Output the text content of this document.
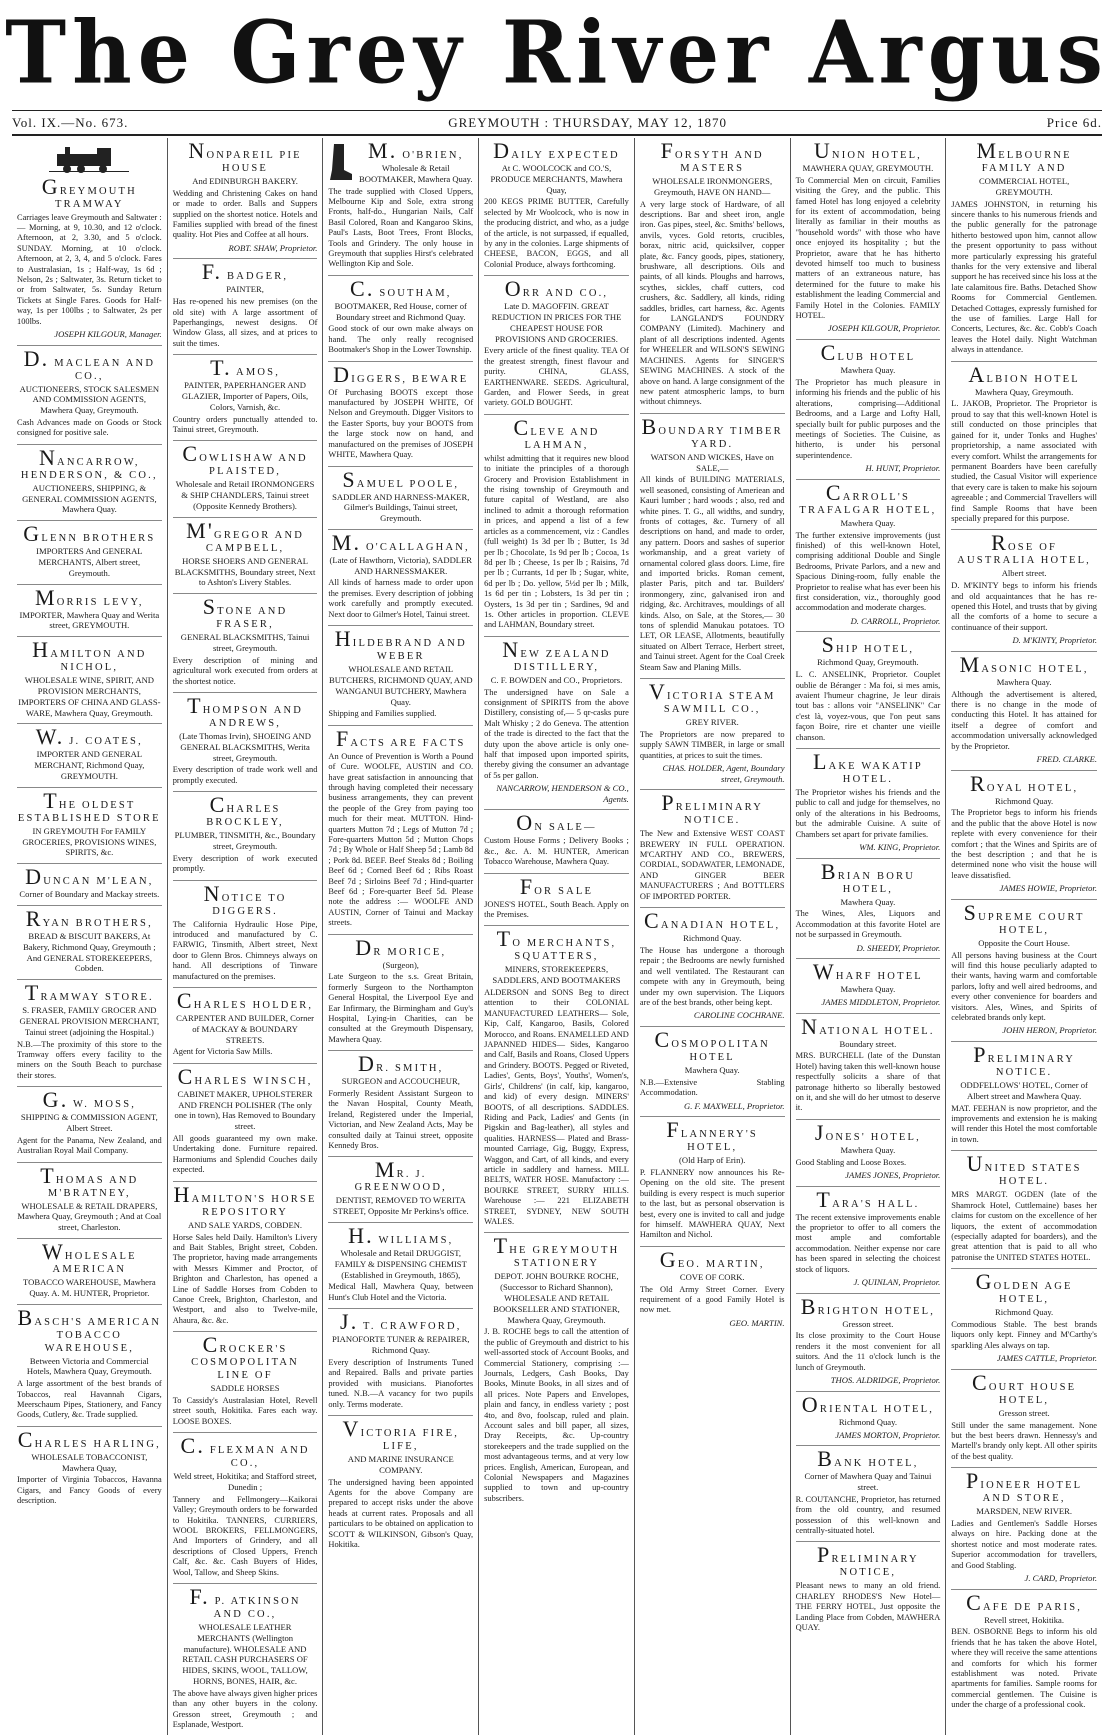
The Grey River Argus
Vol. IX.—No. 673.	GREYMOUTH : THURSDAY, MAY 12, 1870	Price 6d.
GREYMOUTH TRAMWAY
Carriages leave Greymouth and Saltwater :— Morning, at 9, 10.30, and 12 o'clock. Afternoon, at 2, 3.30, and 5 o'clock. SUNDAY. Morning, at 10 o'clock. Afternoon, at 2, 3, 4, and 5 o'clock. Fares to Australasian, 1s ; Half-way, 1s 6d ; Nelson, 2s ; Saltwater, 3s. Return ticket to or from Saltwater, 5s. Sunday Return Tickets at Single Fares. Goods for Half-way, 1s per 100lbs ; to Saltwater, 2s per 100lbs.
JOSEPH KILGOUR, Manager.
D. MACLEAN AND CO.,
AUCTIONEERS, STOCK SALESMEN AND COMMISSION AGENTS, Mawhera Quay, Greymouth.
Cash Advances made on Goods or Stock consigned for positive sale.
NANCARROW, HENDERSON, & CO.,
AUCTIONEERS, SHIPPING, & GENERAL COMMISSION AGENTS, Mawhera Quay.
GLENN BROTHERS
IMPORTERS And GENERAL MERCHANTS, Albert street, Greymouth.
MORRIS LEVY,
IMPORTER, Mawhera Quay and Werita street, GREYMOUTH.
HAMILTON AND NICHOL,
WHOLESALE WINE, SPIRIT, AND PROVISION MERCHANTS, IMPORTERS OF CHINA AND GLASS-WARE, Mawhera Quay, Greymouth.
W. J. COATES,
IMPORTER AND GENERAL MERCHANT, Richmond Quay, GREYMOUTH.
THE OLDEST ESTABLISHED STORE
IN GREYMOUTH For FAMILY GROCERIES, PROVISIONS WINES, SPIRITS, &c.
DUNCAN M'LEAN,
Corner of Boundary and Mackay streets.
RYAN BROTHERS,
BREAD & BISCUIT BAKERS, At Bakery, Richmond Quay, Greymouth ; And GENERAL STOREKEEPERS, Cobden.
TRAMWAY STORE.
S. FRASER, FAMILY GROCER AND GENERAL PROVISION MERCHANT, Tainui street (adjoining the Hospital.)
N.B.—The proximity of this store to the Tramway offers every facility to the miners on the South Beach to purchase their stores.
G. W. MOSS,
SHIPPING & COMMISSION AGENT, Albert Street.
Agent for the Panama, New Zealand, and Australian Royal Mail Company.
THOMAS AND M'BRATNEY,
WHOLESALE & RETAIL DRAPERS, Mawhera Quay, Greymouth ; And at Coal street, Charleston.
WHOLESALE AMERICAN
TOBACCO WAREHOUSE, Mawhera Quay. A. M. HUNTER, Proprietor.
BASCH'S AMERICAN TOBACCO WAREHOUSE,
Between Victoria and Commercial Hotels, Mawhera Quay, Greymouth.
A large assortment of the best brands of Tobaccos, real Havannah Cigars, Meerschaum Pipes, Stationery, and Fancy Goods, Cutlery, &c. Trade supplied.
CHARLES HARLING,
WHOLESALE TOBACCONIST, Mawhera Quay,
Importer of Virginia Tobaccos, Havanna Cigars, and Fancy Goods of every description.
NONPAREIL PIE HOUSE
And EDINBURGH BAKERY.
Wedding and Christening Cakes on hand or made to order. Balls and Suppers supplied on the shortest notice. Hotels and Families supplied with bread of the finest quality. Hot Pies and Coffee at all hours.
ROBT. SHAW, Proprietor.
F. BADGER,
PAINTER,
Has re-opened his new premises (on the old site) with A large assortment of Paperhangings, newest designs. Of Window Glass, all sizes, and at prices to suit the times.
T. AMOS,
PAINTER, PAPERHANGER AND GLAZIER, Importer of Papers, Oils, Colors, Varnish, &c.
Country orders punctually attended to. Tainui street, Greymouth.
COWLISHAW AND PLAISTED,
Wholesale and Retail IRONMONGERS & SHIP CHANDLERS, Tainui street (Opposite Kennedy Brothers).
M'GREGOR AND CAMPBELL,
HORSE SHOERS AND GENERAL BLACKSMITHS, Boundary street, Next to Ashton's Livery Stables.
STONE AND FRASER,
GENERAL BLACKSMITHS, Tainui street, Greymouth.
Every description of mining and agricultural work executed from orders at the shortest notice.
THOMPSON AND ANDREWS,
(Late Thomas Irvin), SHOEING AND GENERAL BLACKSMITHS, Werita street, Greymouth.
Every description of trade work well and promptly executed.
CHARLES BROCKLEY,
PLUMBER, TINSMITH, &c., Boundary street, Greymouth.
Every description of work executed promptly.
NOTICE TO DIGGERS.
The California Hydraulic Hose Pipe, introduced and manufactured by C. FARWIG, Tinsmith, Albert street, Next door to Glenn Bros. Chimneys always on hand. All descriptions of Tinware manufactured on the premises.
CHARLES HOLDER,
CARPENTER AND BUILDER, Corner of MACKAY & BOUNDARY STREETS.
Agent for Victoria Saw Mills.
CHARLES WINSCH,
CABINET MAKER, UPHOLSTERER AND FRENCH POLISHER (The only one in town), Has Removed to Boundary street.
All goods guaranteed my own make. Undertaking done. Furniture repaired. Harmoniums and Splendid Couches daily expected.
HAMILTON'S HORSE REPOSITORY
AND SALE YARDS, COBDEN.
Horse Sales held Daily. Hamilton's Livery and Bait Stables, Bright street, Cobden. The proprietor, having made arrangements with Messrs Kimmer and Proctor, of Brighton and Charleston, has opened a Line of Saddle Horses from Cobden to Canoe Creek, Brighton, Charleston, and Westport, and also to Twelve-mile, Ahaura, &c. &c.
CROCKER'S COSMOPOLITAN LINE OF
SADDLE HORSES
To Cassidy's Australasian Hotel, Revell street south, Hokitika. Fares each way. LOOSE BOXES.
C. FLEXMAN AND CO.,
Weld street, Hokitika; and Stafford street, Dunedin ;
Tannery and Fellmongery—Kaikorai Valley; Greymouth orders to be forwarded to Hokitika. TANNERS, CURRIERS, WOOL BROKERS, FELLMONGERS, And Importers of Grindery, and all descriptions of Closed Uppers, French Calf, &c. &c. Cash Buyers of Hides, Wool, Tallow, and Sheep Skins.
F. P. ATKINSON AND CO.,
WHOLESALE LEATHER MERCHANTS (Wellington manufacture). WHOLESALE AND RETAIL CASH PURCHASERS OF HIDES, SKINS, WOOL, TALLOW, HORNS, BONES, HAIR, &c.
The above have always given higher prices than any other buyers in the colony. Gresson street, Greymouth ; and Esplanade, Westport.
M. O'BRIEN,
Wholesale & Retail BOOTMAKER, Mawhera Quay.
The trade supplied with Closed Uppers, Melbourne Kip and Sole, extra strong Fronts, half-do., Hungarian Nails, Calf Basil Colored, Roan and Kangaroo Skins, Paul's Lasts, Boot Trees, Front Blocks, Tools and Grindery. The only house in Greymouth that supplies Hirst's celebrated Wellington Kip and Sole.
C. SOUTHAM,
BOOTMAKER, Red House, corner of Boundary street and Richmond Quay.
Good stock of our own make always on hand. The only really recognised Bootmaker's Shop in the Lower Township.
DIGGERS, BEWARE
Of Purchasing BOOTS except those manufactured by JOSEPH WHITE, Of Nelson and Greymouth. Digger Visitors to the Easter Sports, buy your BOOTS from the large stock now on hand, and manufactured on the premises of JOSEPH WHITE, Mawhera Quay.
SAMUEL POOLE,
SADDLER AND HARNESS-MAKER, Gilmer's Buildings, Tainui street, Greymouth.
M. O'CALLAGHAN,
(Late of Hawthorn, Victoria), SADDLER AND HARNESSMAKER.
All kinds of harness made to order upon the premises. Every description of jobbing work carefully and promptly executed. Next door to Gilmer's Hotel, Tainui street.
HILDEBRAND AND WEBER
WHOLESALE AND RETAIL BUTCHERS, RICHMOND QUAY, AND WANGANUI BUTCHERY, Mawhera Quay.
Shipping and Families supplied.
FACTS ARE FACTS
An Ounce of Prevention is Worth a Pound of Cure. WOOLFE, AUSTIN and CO. have great satisfaction in announcing that through having completed their necessary business arrangements, they can prevent the people of the Grey from paying too much for their meat. MUTTON. Hind-quarters Mutton 7d ; Legs of Mutton 7d ; Fore-quarters Mutton 5d ; Mutton Chops 7d ; By Whole or Half Sheep 5d ; Lamb 8d ; Pork 8d. BEEF. Beef Steaks 8d ; Boiling Beef 6d ; Corned Beef 6d ; Ribs Roast Beef 7d ; Sirloins Beef 7d ; Hind-quarter Beef 6d ; Fore-quarter Beef 5d. Please note the address :— WOOLFE AND AUSTIN, Corner of Tainui and Mackay streets.
DR MORICE,
(Surgeon),
Late Surgeon to the s.s. Great Britain, formerly Surgeon to the Northampton General Hospital, the Liverpool Eye and Ear Infirmary, the Birmingham and Guy's Hospital, Lying-in Charities, can be consulted at the Greymouth Dispensary, Mawhera Quay.
DR. SMITH,
SURGEON and ACCOUCHEUR,
Formerly Resident Assistant Surgeon to the Navan Hospital, County Meath, Ireland, Registered under the Imperial, Victorian, and New Zealand Acts, May be consulted daily at Tainui street, opposite Kennedy Bros.
MR. J. GREENWOOD,
DENTIST, REMOVED TO WERITA STREET, Opposite Mr Perkins's office.
H. WILLIAMS,
Wholesale and Retail DRUGGIST, FAMILY & DISPENSING CHEMIST (Established in Greymouth, 1865),
Medical Hall, Mawhera Quay, between Hunt's Club Hotel and the Victoria.
J. T. CRAWFORD,
PIANOFORTE TUNER & REPAIRER, Richmond Quay.
Every description of Instruments Tuned and Repaired. Balls and private parties provided with musicians. Pianofortes tuned. N.B.—A vacancy for two pupils only. Terms moderate.
VICTORIA FIRE, LIFE,
AND MARINE INSURANCE COMPANY.
The undersigned having been appointed Agents for the above Company are prepared to accept risks under the above heads at current rates. Proposals and all particulars to be obtained on application to SCOTT & WILKINSON, Gibson's Quay, Hokitika.
DAILY EXPECTED
At C. WOOLCOCK and CO.'S, PRODUCE MERCHANTS, Mawhera Quay,
200 KEGS PRIME BUTTER, Carefully selected by Mr Woolcock, who is now in the producing district, and who, as a judge of the article, is not surpassed, if equalled, by any in the colonies. Large shipments of CHEESE, BACON, EGGS, and all Colonial Produce, always forthcoming.
ORR AND CO.,
Late D. MAGOFFIN. GREAT REDUCTION IN PRICES FOR THE CHEAPEST HOUSE FOR PROVISIONS AND GROCERIES.
Every article of the finest quality. TEA Of the greatest strength, finest flavour and purity. CHINA, GLASS, EARTHENWARE. SEEDS. Agricultural, Garden, and Flower Seeds, in great variety. GOLD BOUGHT.
CLEVE AND LAHMAN,
whilst admitting that it requires new blood to initiate the principles of a thorough Grocery and Provision Establishment in the rising township of Greymouth and future capital of Westland, are also inclined to admit a thorough reformation in prices, and append a list of a few articles as a commencement, viz : Candles (full weight) 1s 3d per lb ; Butter, 1s 3d per lb ; Chocolate, 1s 9d per lb ; Cocoa, 1s 8d per lb ; Cheese, 1s per lb ; Raisins, 7d per lb ; Currants, 1d per lb ; Sugar, white, 6d per lb ; Do. yellow, 5½d per lb ; Milk, 1s 6d per tin ; Lobsters, 1s 3d per tin ; Oysters, 1s 3d per tin ; Sardines, 9d and 1s. Other articles in proportion. CLEVE and LAHMAN, Boundary street.
NEW ZEALAND DISTILLERY,
C. F. BOWDEN and CO., Proprietors.
The undersigned have on Sale a consignment of SPIRITS from the above Distillery, consisting of,— 5 qr-casks pure Malt Whisky ; 2 do Geneva. The attention of the trade is directed to the fact that the duty upon the above article is only one-half that imposed upon imported spirits, thereby giving the consumer an advantage of 5s per gallon.
NANCARROW, HENDERSON & CO., Agents.
ON SALE—
Custom House Forms ; Delivery Books ; &c., &c. A. M. HUNTER, American Tobacco Warehouse, Mawhera Quay.
FOR SALE
JONES'S HOTEL, South Beach. Apply on the Premises.
TO MERCHANTS, SQUATTERS,
MINERS, STOREKEEPERS, SADDLERS, AND BOOTMAKERS
ALDERSON and SONS Beg to direct attention to their COLONIAL MANUFACTURED LEATHERS— Sole, Kip, Calf, Kangaroo, Basils, Colored Morocco, and Roans. ENAMELLED AND JAPANNED HIDES— Sides, Kangaroo and Calf, Basils and Roans, Closed Uppers and Grindery. BOOTS. Pegged or Riveted, Ladies', Gents, Boys', Youths', Women's, Girls', Childrens' (in calf, kip, kangaroo, and kid) of every design. MINERS' BOOTS, of all descriptions. SADDLES. Riding and Pack, Ladies' and Gents (in Pigskin and Bag-leather), all styles and qualities. HARNESS— Plated and Brass-mounted Carriage, Gig, Buggy, Express, Waggon, and Cart, of all kinds, and every article in saddlery and harness. MILL BELTS, WATER HOSE. Manufactory :— BOURKE STREET, SURRY HILLS. Warehouse :— 221 ELIZABETH STREET, SYDNEY, NEW SOUTH WALES.
THE GREYMOUTH STATIONERY
DEPOT. JOHN BOURKE ROCHE, (Successor to Richard Shannon), WHOLESALE AND RETAIL BOOKSELLER AND STATIONER, Mawhera Quay, Greymouth.
J. B. ROCHE begs to call the attention of the public of Greymouth and district to his well-assorted stock of Account Books, and Commercial Stationery, comprising :— Journals, Ledgers, Cash Books, Day Books, Minute Books, in all sizes and of all prices. Note Papers and Envelopes, plain and fancy, in endless variety ; post 4to, and 8vo, foolscap, ruled and plain. Account sales and bill paper, all sizes, Dray Receipts, &c. Up-country storekeepers and the trade supplied on the most advantageous terms, and at very low prices. English, American, European, and Colonial Newspapers and Magazines supplied to town and up-country subscribers.
FORSYTH AND MASTERS
WHOLESALE IRONMONGERS, Greymouth, HAVE ON HAND—
A very large stock of Hardware, of all descriptions. Bar and sheet iron, angle iron. Gas pipes, steel, &c. Smiths' bellows, anvils, vyces. Gold retorts, crucibles, borax, nitric acid, quicksilver, copper plate, &c. Fancy goods, pipes, stationery, brushware, all descriptions. Oils and paints, of all kinds. Ploughs and harrows, scythes, sickles, chaff cutters, cod crushers, &c. Saddlery, all kinds, riding saddles, bridles, cart harness, &c. Agents for LANGLAND'S FOUNDRY COMPANY (Limited). Machinery and plant of all descriptions indented. Agents for WHEELER and WILSON'S SEWING MACHINES. Agents for SINGER'S SEWING MACHINES. A stock of the above on hand. A large consignment of the new patent atmospheric lamps, to burn without chimneys.
BOUNDARY TIMBER YARD.
WATSON AND WICKES, Have on SALE,—
All kinds of BUILDING MATERIALS, well seasoned, consisting of Ameriean and Kauri lumber ; hard woods ; also, red and white pines. T. G., all widths, and sundry, fronts of cottages, &c. Turnery of all descriptions on hand, and made to order, any pattern. Doors and sashes of superior workmanship, and a great variety of ornamental colored glass doors. Lime, fire and imported bricks. Roman cement, plaster Paris, pitch and tar. Builders' ironmongery, zinc, galvanised iron and ridging, &c. Architraves, mouldings of all kinds. Also, on Sale, at the Stores,— 30 tons of splendid Manukau potatoes. TO LET, OR LEASE, Allotments, beautifully situated on Albert Terrace, Herbert street, and Tainui street. Agent for the Coal Creek Steam Saw and Planing Mills.
VICTORIA STEAM SAWMILL CO.,
GREY RIVER.
The Proprietors are now prepared to supply SAWN TIMBER, in large or small quantities, at prices to suit the times.
CHAS. HOLDER, Agent, Boundary street, Greymouth.
PRELIMINARY NOTICE.
The New and Extensive WEST COAST BREWERY IN FULL OPERATION. M'CARTHY AND CO., BREWERS, CORDIAL, SODAWATER, LEMONADE, AND GINGER BEER MANUFACTURERS ; And BOTTLERS OF IMPORTED PORTER.
CANADIAN HOTEL,
Richmond Quay.
The House has undergone a thorough repair ; the Bedrooms are newly furnished and well ventilated. The Restaurant can compete with any in Greymouth, being under my own supervision. The Liquors are of the best brands, other being kept.
CAROLINE COCHRANE.
COSMOPOLITAN HOTEL
Mawhera Quay.
N.B.—Extensive Stabling Accommodation.
G. F. MAXWELL, Proprietor.
FLANNERY'S HOTEL,
(Old Harp of Erin).
P. FLANNERY now announces his Re-Opening on the old site. The present building is every respect is much superior to the last, but as personal observation is best, every one is invited to call and judge for himself. MAWHERA QUAY, Next Hamilton and Nichol.
GEO. MARTIN,
COVE OF CORK.
The Old Army Street Corner. Every requirement of a good Family Hotel is now met.
GEO. MARTIN.
UNION HOTEL,
MAWHERA QUAY, GREYMOUTH.
To Commercial Men on circuit, Families visiting the Grey, and the public. This famed Hotel has long enjoyed a celebrity for its extent of accommodation, being literally as familiar in their mouths as "household words" with those who have once enjoyed its hospitality ; but the Proprietor, aware that he has hitherto devoted himself too much to business matters of an extraneous nature, has determined for the future to make his establishment the leading Commercial and Family Hotel in the Colonies. FAMILY HOTEL.
JOSEPH KILGOUR, Proprietor.
CLUB HOTEL
Mawhera Quay.
The Proprietor has much pleasure in informing his friends and the public of his alterations, comprising—Additional Bedrooms, and a Large and Lofty Hall, specially built for public purposes and the meetings of Societies. The Cuisine, as hitherto, is under his personal superintendence.
H. HUNT, Proprietor.
CARROLL'S TRAFALGAR HOTEL,
Mawhera Quay.
The further extensive improvements (just finished) of this well-known Hotel, comprising additional Double and Single Bedrooms, Private Parlors, and a new and Spacious Dining-room, fully enable the Proprietor to realise what has ever been his first consideration, viz., thoroughly good accommodation and moderate charges.
D. CARROLL, Proprietor.
SHIP HOTEL,
Richmond Quay, Greymouth.
L. C. ANSELINK, Proprietor. Couplet oublie de Béranger : Ma foi, si mes amis, avaient l'humeur chagrine, Je leur dirais tout bas : allons voir "ANSELINK" Car c'est là, voyez-vous, que l'on peut sans façon Boire, rire et chanter une vieille chanson.
LAKE WAKATIP HOTEL.
The Proprietor wishes his friends and the public to call and judge for themselves, no only of the alterations in his Bedrooms, but the admirable Cuisine. A suite of Chambers set apart for private families.
WM. KING, Proprietor.
BRIAN BORU HOTEL,
Mawhera Quay.
The Wines, Ales, Liquors and Accommodation at this favorite Hotel are not be surpassed in Greymouth.
D. SHEEDY, Proprietor.
WHARF HOTEL
Mawhera Quay.
JAMES MIDDLETON, Proprietor.
NATIONAL HOTEL.
Boundary street.
MRS. BURCHELL (late of the Dunstan Hotel) having taken this well-known house respectfully solicits a share of that patronage hitherto so liberally bestowed on it, and she will do her utmost to deserve it.
JONES' HOTEL,
Mawhera Quay.
Good Stabling and Loose Boxes.
JAMES JONES, Proprietor.
TARA'S HALL.
The recent extensive improvements enable the proprietor to offer to all comers the most ample and comfortable accommodation. Neither expense nor care has been spared in selecting the choicest stock of liquors.
J. QUINLAN, Proprietor.
BRIGHTON HOTEL,
Gresson street.
Its close proximity to the Court House renders it the most convenient for all suitors. And the 11 o'clock lunch is the lunch of Greymouth.
THOS. ALDRIDGE, Proprietor.
ORIENTAL HOTEL,
Richmond Quay.
JAMES MORTON, Proprietor.
BANK HOTEL,
Corner of Mawhera Quay and Tainui street.
R. COUTANCHE, Proprietor, has returned from the old country, and resumed possession of this well-known and centrally-situated hotel.
PRELIMINARY NOTICE,
Pleasant news to many an old friend. CHARLEY RHODES'S New Hotel— THE FERRY HOTEL, Just opposite the Landing Place from Cobden, MAWHERA QUAY.
MELBOURNE FAMILY AND
COMMERCIAL HOTEL, GREYMOUTH.
JAMES JOHNSTON, in returning his sincere thanks to his numerous friends and the public generally for the patronage hitherto bestowed upon him, cannot allow the present opportunity to pass without more particularly expressing his grateful thanks for the very extensive and liberal support he has received since his loss at the late calamitous fire. Baths. Detached Show Rooms for Commercial Gentlemen. Detached Cottages, expressly furnished for the use of families. Large Hall for Concerts, Lectures, &c. &c. Cobb's Coach leaves the Hotel daily. Night Watchman always in attendance.
ALBION HOTEL
Mawhera Quay, Greymouth.
L. JAKOB, Proprietor. The Proprietor is proud to say that this well-known Hotel is still conducted on those principles that gained for it, under Tonks and Hughes' proprietorship, a name associated with every comfort. Whilst the arrangements for permanent Boarders have been carefully studied, the Casual Visitor will experience that every care is taken to make his sojourn agreeable ; and Commercial Travellers will find Sample Rooms that have been specially prepared for this purpose.
ROSE OF AUSTRALIA HOTEL,
Albert street.
D. M'KINTY begs to inform his friends and old acquaintances that he has re-opened this Hotel, and trusts that by giving all the comforts of a home to secure a continuance of their support.
D. M'KINTY, Proprietor.
MASONIC HOTEL,
Mawhera Quay.
Although the advertisement is altered, there is no change in the mode of conducting this Hotel. It has attained for itself a degree of comfort and accommodation universally acknowledged by the Proprietor.
FRED. CLARKE.
ROYAL HOTEL,
Richmond Quay.
The Proprietor begs to inform his friends and the public that the above Hotel is now replete with every convenience for their comfort ; that the Wines and Spirits are of the best description ; and that he is determined none who visit the house will leave dissatisfied.
JAMES HOWIE, Proprietor.
SUPREME COURT HOTEL,
Opposite the Court House.
All persons having business at the Court will find this house peculiarly adapted to their wants, having warm and comfortable parlors, lofty and well aired bedrooms, and every other convenience for boarders and visitors. Ales, Wines, and Spirits of celebrated brands only kept.
JOHN HERON, Proprietor.
PRELIMINARY NOTICE.
ODDFELLOWS' HOTEL, Corner of Albert street and Mawhera Quay.
MAT. FEEHAN is now proprietor, and the improvements and extension he is making will render this Hotel the most comfortable in town.
UNITED STATES HOTEL.
MRS MARGT. OGDEN (late of the Shamrock Hotel, Cuttlemaine) bases her claims for custom on the excellence of her liquors, the extent of accommodation (especially adapted for boarders), and the great attention that is paid to all who patronise the UNITED STATES HOTEL.
GOLDEN AGE HOTEL,
Richmond Quay.
Commodious Stable. The best brands liquors only kept. Finney and M'Carthy's sparkling Ales always on tap.
JAMES CATTLE, Proprietor.
COURT HOUSE HOTEL,
Gresson street.
Still under the same management. None but the best beers drawn. Hennessy's and Martell's brandy only kept. All other spirits of the best quality.
PIONEER HOTEL AND STORE,
MARSDEN, NEW RIVER.
Ladies and Gentlemen's Saddle Horses always on hire. Packing done at the shortest notice and most moderate rates. Superior accommodation for travellers, and Good Stabling.
J. CARD, Proprietor.
CAFE DE PARIS,
Revell street, Hokitika.
BEN. OSBORNE Begs to inform his old friends that he has taken the above Hotel, where they will receive the same attentions and comforts for which his former establishment was noted. Private apartments for families. Sample rooms for commercial gentlemen. The Cuisine is under the charge of a professional cook.
